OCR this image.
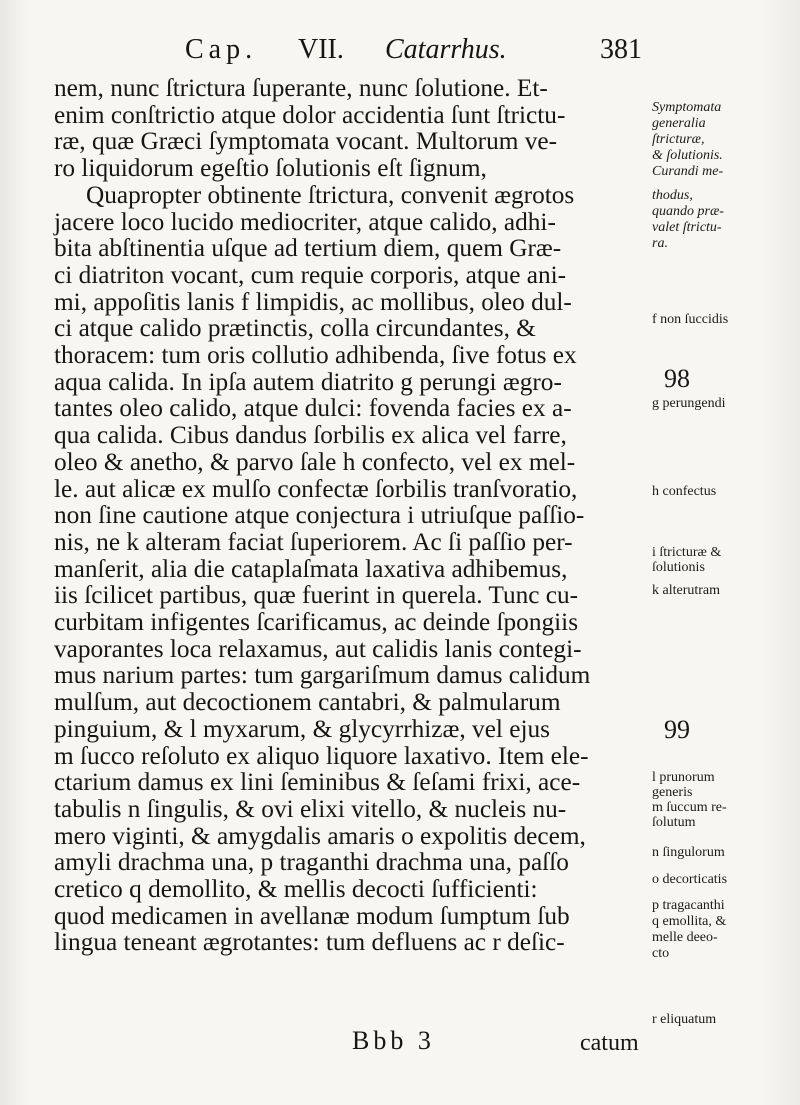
Cap. VII. Catarrhus.	381
nem, nunc ſtrictura ſuperante, nunc ſolutione. Et-
enim conſtrictio atque dolor accidentia ſunt ſtrictu-
ræ, quæ Græci ſymptomata vocant. Multorum ve-
ro liquidorum egeſtio ſolutionis eſt ſignum,
Quapropter obtinente ſtrictura, convenit ægrotos
jacere loco lucido mediocriter, atque calido, adhi-
bita abſtinentia uſque ad tertium diem, quem Græ-
ci diatriton vocant, cum requie corporis, atque ani-
mi, appoſitis lanis f limpidis, ac mollibus, oleo dul-
ci atque calido prætinctis, colla circundantes, &
thoracem: tum oris collutio adhibenda, ſive fotus ex
aqua calida. In ipſa autem diatrito g perungi ægro-
tantes oleo calido, atque dulci: fovenda facies ex a-
qua calida. Cibus dandus ſorbilis ex alica vel farre,
oleo & anetho, & parvo ſale h confecto, vel ex mel-
le. aut alicæ ex mulſo confectæ ſorbilis tranſvoratio,
non ſine cautione atque conjectura i utriuſque paſſio-
nis, ne k alteram faciat ſuperiorem. Ac ſi paſſio per-
manſerit, alia die cataplaſmata laxativa adhibemus,
iis ſcilicet partibus, quæ fuerint in querela. Tunc cu-
curbitam infigentes ſcarificamus, ac deinde ſpongiis
vaporantes loca relaxamus, aut calidis lanis contegi-
mus narium partes: tum gargariſmum damus calidum
mulſum, aut decoctionem cantabri, & palmularum
pinguium, & l myxarum, & glycyrrhizæ, vel ejus
m ſucco reſoluto ex aliquo liquore laxativo. Item ele-
ctarium damus ex lini ſeminibus & ſeſami frixi, ace-
tabulis n ſingulis, & ovi elixi vitello, & nucleis nu-
mero viginti, & amygdalis amaris o expolitis decem,
amyli drachma una, p traganthi drachma una, paſſo
cretico q demollito, & mellis decocti ſufficienti:
quod medicamen in avellanæ modum ſumptum ſub
lingua teneant ægrotantes: tum defluens ac r deſic-
Symptomata
generalia
ſtricturæ,
& ſolutionis.
Curandi me-
thodus,
quando præ-
valet ſtrictu-
ra.
f non ſuccidis
g perungendi
h confectus
i ſtricturæ &
ſolutionis
k alterutram
l prunorum
generis
m ſuccum re-
ſolutum
n ſingulorum
o decorticatis
p tragacanthi
q emollita, &
melle deeo-
cto
r eliquatum
98
99
Bbb 3	catum
